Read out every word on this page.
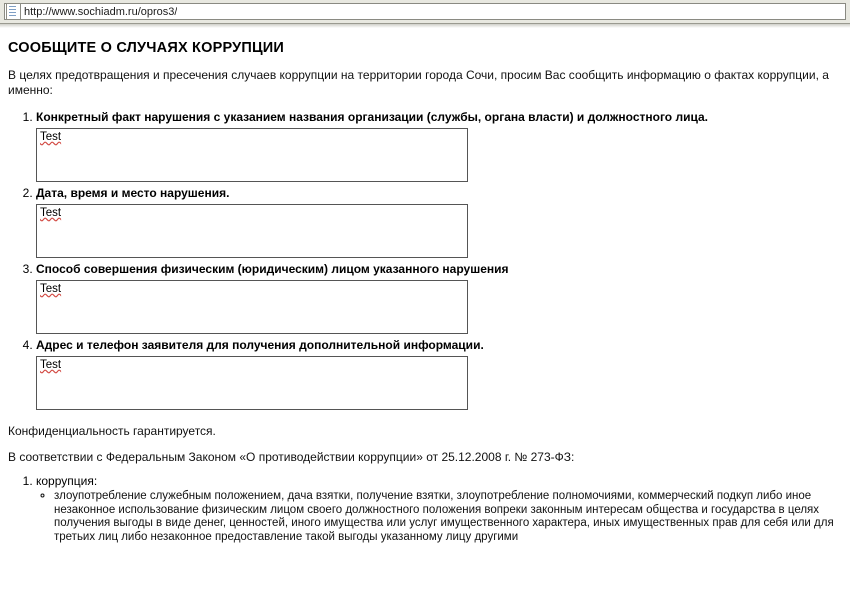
http://www.sochiadm.ru/opros3/
СООБЩИТЕ О СЛУЧАЯХ КОРРУПЦИИ

В целях предотвращения и пресечения случаев коррупции на территории города Сочи, просим Вас сообщить информацию о фактах коррупции, а именно:

1. Конкретный факт нарушения с указанием названия организации (службы, органа власти) и должностного лица.
Test
2. Дата, время и место нарушения.
Test
3. Способ совершения физическим (юридическим) лицом указанного нарушения
Test
4. Адрес и телефон заявителя для получения дополнительной информации.
Test

Конфиденциальность гарантируется.

В соответствии с Федеральным Законом «О противодействии коррупции» от 25.12.2008 г. № 273-ФЗ:

1. коррупция:
◦ злоупотребление служебным положением, дача взятки, получение взятки, злоупотребление полномочиями, коммерческий подкуп либо иное незаконное использование физическим лицом своего должностного положения вопреки законным интересам общества и государства в целях получения выгоды в виде денег, ценностей, иного имущества или услуг имущественного характера, иных имущественных прав для себя или для третьих лиц либо незаконное предоставление такой выгоды указанному лицу другими
